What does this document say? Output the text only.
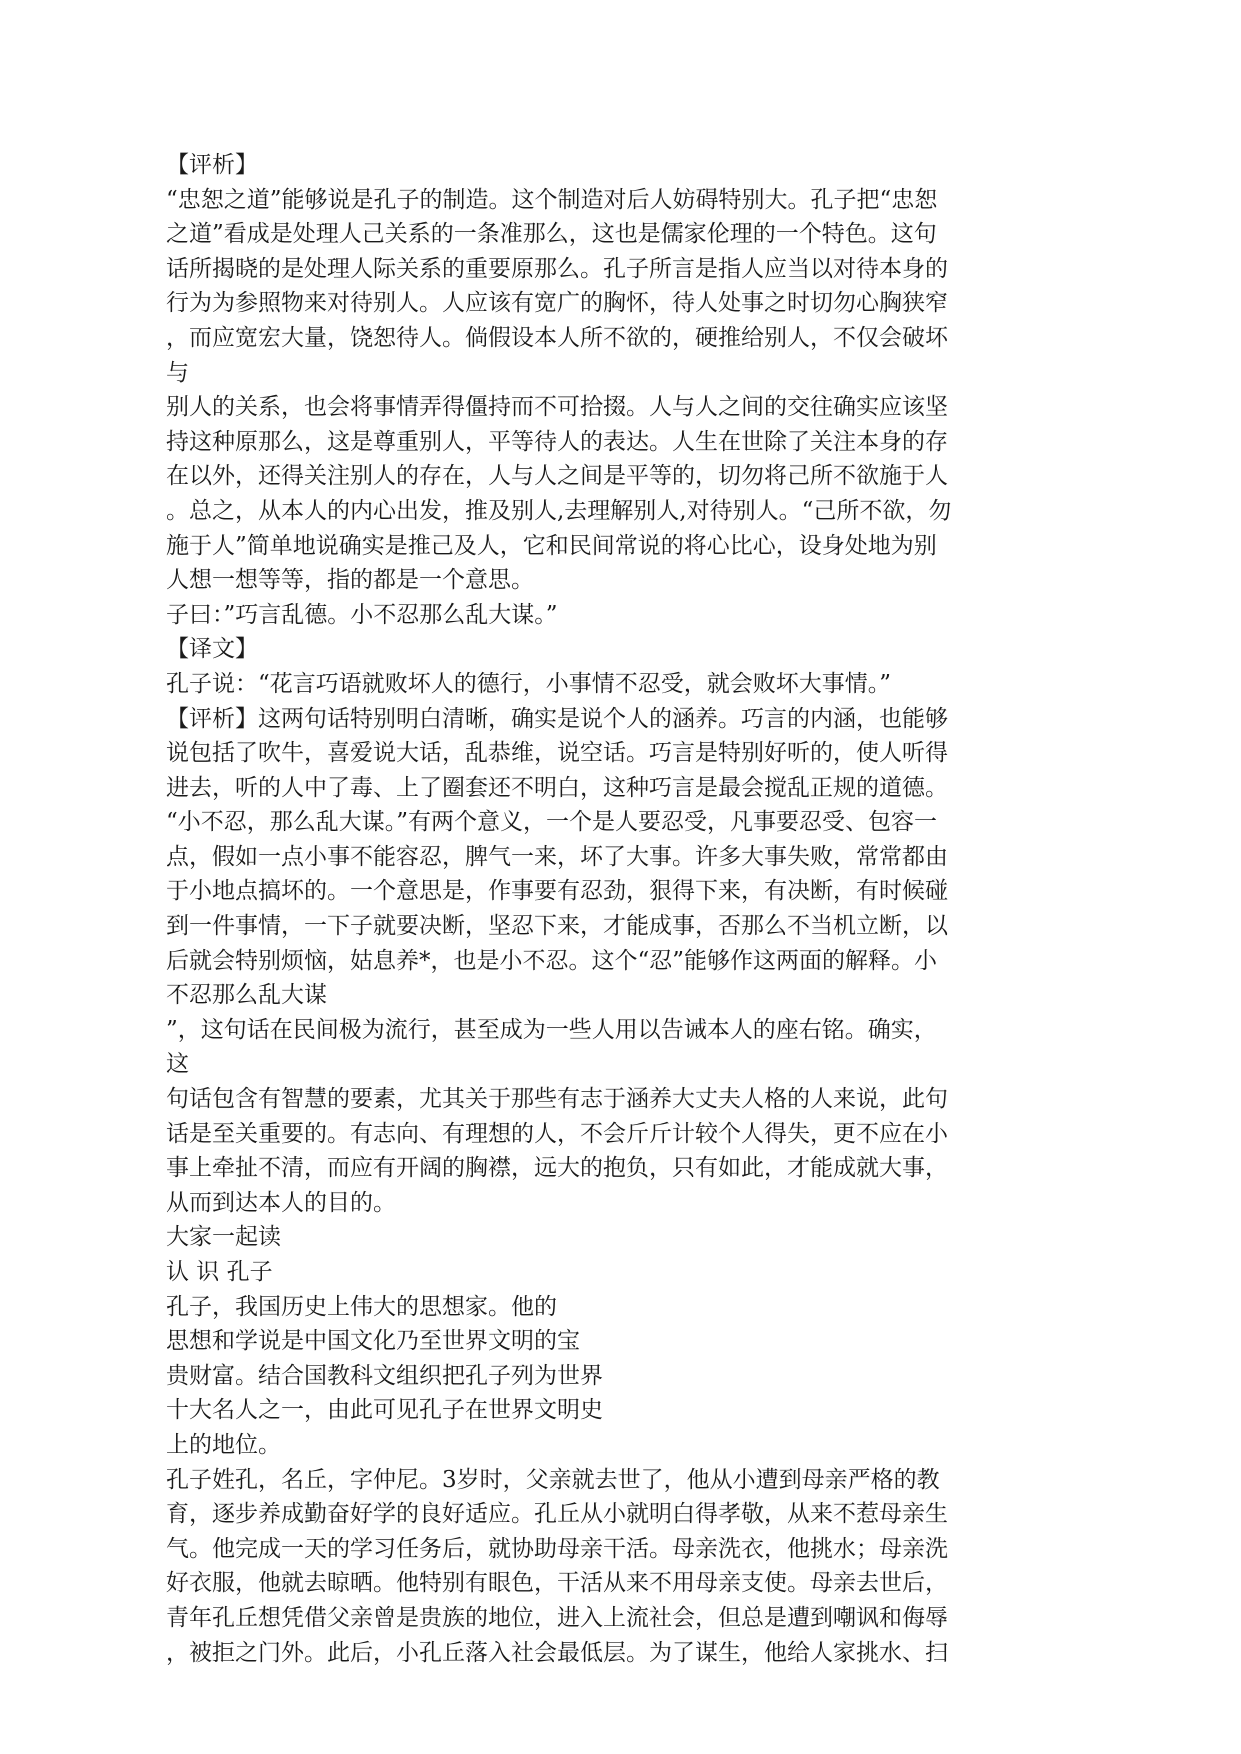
【评析】
“忠恕之道”能够说是孔子的制造。这个制造对后人妨碍特别大。孔子把“忠恕
之道”看成是处理人己关系的一条准那么，这也是儒家伦理的一个特色。这句
话所揭晓的是处理人际关系的重要原那么。孔子所言是指人应当以对待本身的
行为为参照物来对待别人。人应该有宽广的胸怀，待人处事之时切勿心胸狭窄
，而应宽宏大量，饶恕待人。倘假设本人所不欲的，硬推给别人，不仅会破坏
与
别人的关系，也会将事情弄得僵持而不可拾掇。人与人之间的交往确实应该坚
持这种原那么，这是尊重别人，平等待人的表达。人生在世除了关注本身的存
在以外，还得关注别人的存在，人与人之间是平等的，切勿将己所不欲施于人
。总之，从本人的内心出发，推及别人,去理解别人,对待别人。“己所不欲，勿
施于人”简单地说确实是推己及人，它和民间常说的将心比心，设身处地为别
人想一想等等，指的都是一个意思。
子曰：”巧言乱德。小不忍那么乱大谋。”
【译文】
孔子说：“花言巧语就败坏人的德行，小事情不忍受，就会败坏大事情。”
【评析】这两句话特别明白清晰，确实是说个人的涵养。巧言的内涵，也能够
说包括了吹牛，喜爱说大话，乱恭维，说空话。巧言是特别好听的，使人听得
进去，听的人中了毒、上了圈套还不明白，这种巧言是最会搅乱正规的道德。
“小不忍，那么乱大谋。”有两个意义，一个是人要忍受，凡事要忍受、包容一
点，假如一点小事不能容忍，脾气一来，坏了大事。许多大事失败，常常都由
于小地点搞坏的。一个意思是，作事要有忍劲，狠得下来，有决断，有时候碰
到一件事情，一下子就要决断，坚忍下来，才能成事，否那么不当机立断，以
后就会特别烦恼，姑息养*，也是小不忍。这个“忍”能够作这两面的解释。小
不忍那么乱大谋
”，这句话在民间极为流行，甚至成为一些人用以告诫本人的座右铭。确实，
这
句话包含有智慧的要素，尤其关于那些有志于涵养大丈夫人格的人来说，此句
话是至关重要的。有志向、有理想的人，不会斤斤计较个人得失，更不应在小
事上牵扯不清，而应有开阔的胸襟，远大的抱负，只有如此，才能成就大事，
从而到达本人的目的。
大家一起读
认 识 孔子
孔子，我国历史上伟大的思想家。他的
思想和学说是中国文化乃至世界文明的宝
贵财富。结合国教科文组织把孔子列为世界
十大名人之一，由此可见孔子在世界文明史
上的地位。
孔子姓孔，名丘，字仲尼。3岁时，父亲就去世了，他从小遭到母亲严格的教
育，逐步养成勤奋好学的良好适应。孔丘从小就明白得孝敬，从来不惹母亲生
气。他完成一天的学习任务后，就协助母亲干活。母亲洗衣，他挑水；母亲洗
好衣服，他就去晾晒。他特别有眼色，干活从来不用母亲支使。母亲去世后，
青年孔丘想凭借父亲曾是贵族的地位，进入上流社会，但总是遭到嘲讽和侮辱
，被拒之门外。此后，小孔丘落入社会最低层。为了谋生，他给人家挑水、扫
